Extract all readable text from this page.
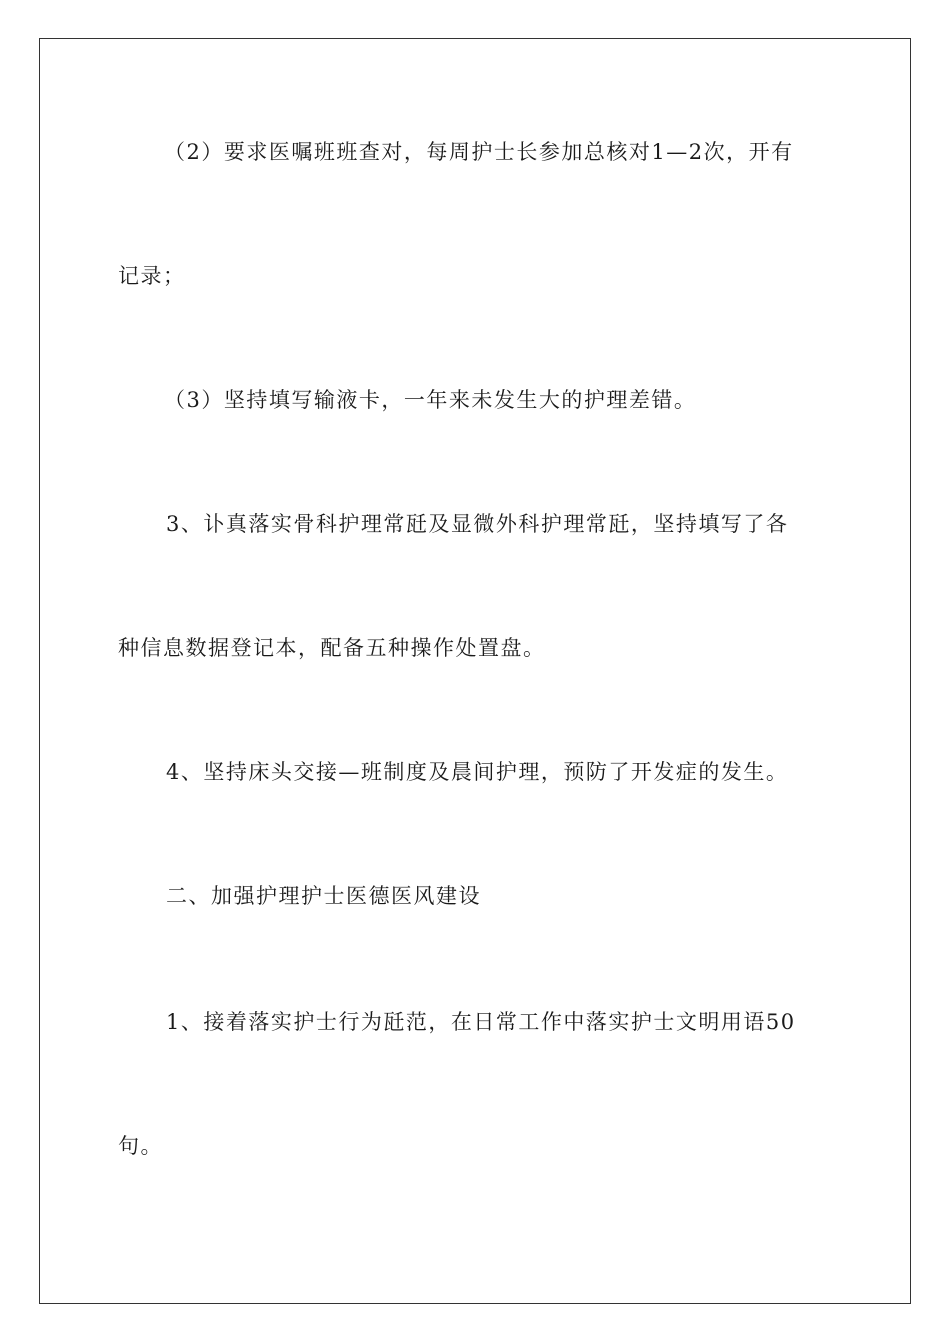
（2）要求医嘱班班查对，每周护士长参加总核对1—2次，开有
记录；
（3）坚持填写输液卡，一年来未发生大的护理差错。
3、讣真落实骨科护理常瓩及显微外科护理常瓩，坚持填写了各
种信息数据登记本，配备五种操作处置盘。
4、坚持床头交接—班制度及晨间护理，预防了开发症的发生。
二、加强护理护士医德医风建设
1、接着落实护士行为瓩范，在日常工作中落实护士文明用语50
句。
